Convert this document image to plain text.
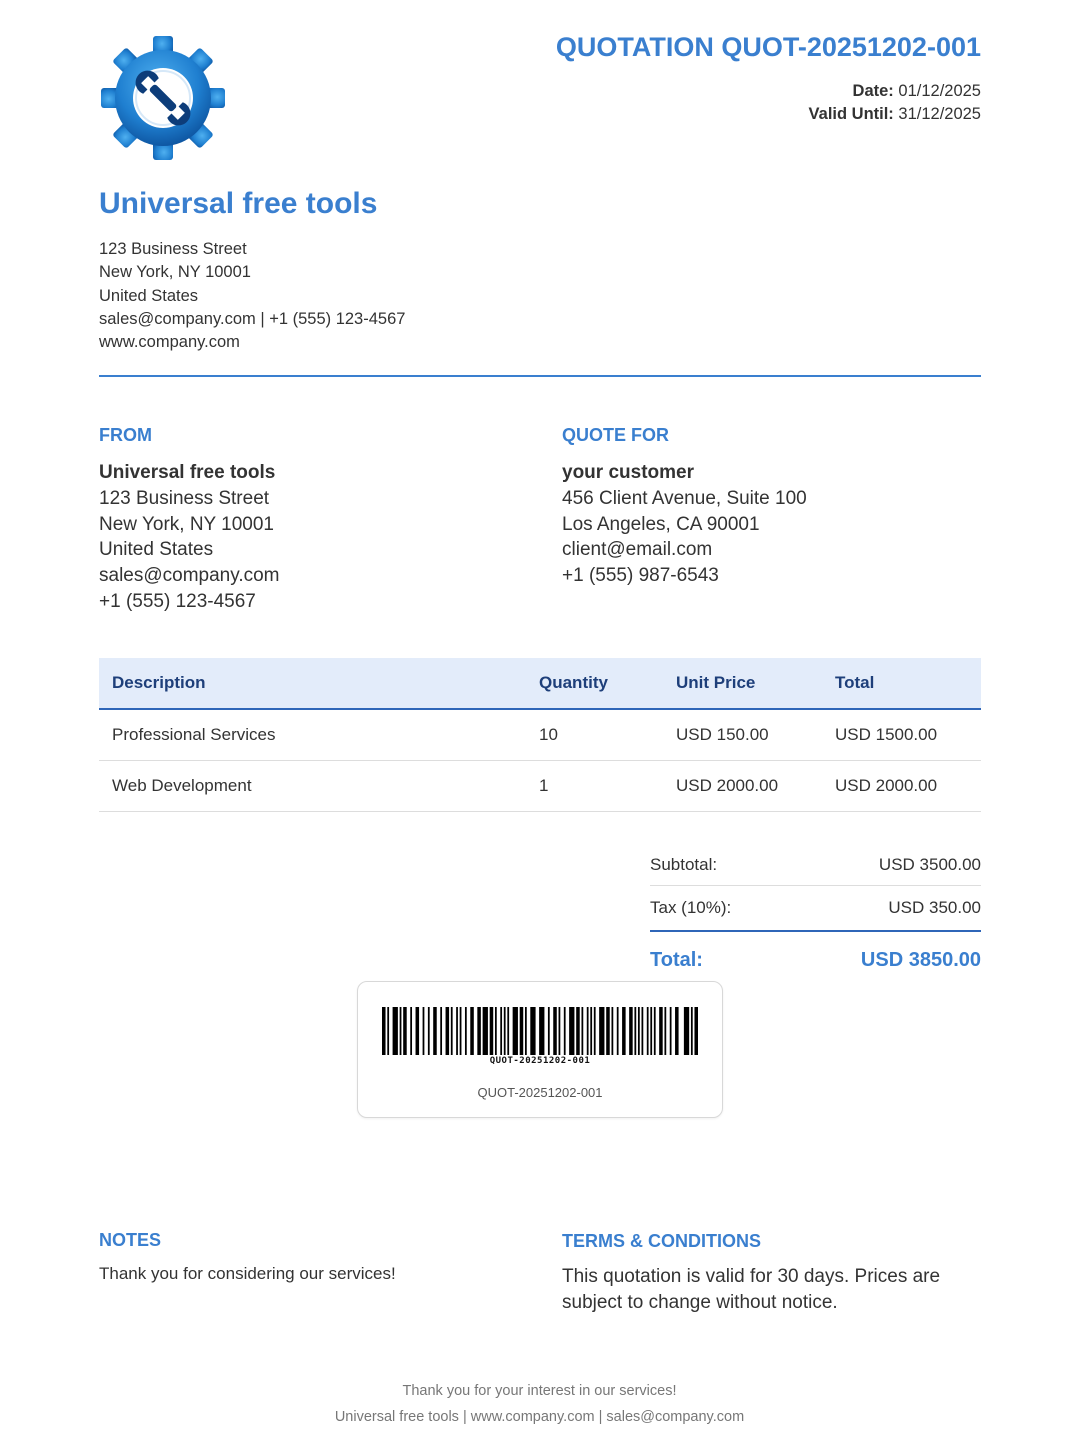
QUOTATION QUOT-20251202-001
Date: 01/12/2025
Valid Until: 31/12/2025
Universal free tools
123 Business Street
New York, NY 10001
United States
sales@company.com | +1 (555) 123-4567
www.company.com
FROM
Universal free tools
123 Business Street
New York, NY 10001
United States
sales@company.com
+1 (555) 123-4567
QUOTE FOR
your customer
456 Client Avenue, Suite 100
Los Angeles, CA 90001
client@email.com
+1 (555) 987-6543
Description	Quantity	Unit Price	Total
Professional Services	10	USD 150.00	USD 1500.00
Web Development	1	USD 2000.00	USD 2000.00
Subtotal:	USD 3500.00
Tax (10%):	USD 350.00
Total:	USD 3850.00
QUOT-20251202-001
QUOT-20251202-001
NOTES
Thank you for considering our services!
TERMS & CONDITIONS
This quotation is valid for 30 days. Prices are subject to change without notice.
Thank you for your interest in our services!
Universal free tools | www.company.com | sales@company.com
